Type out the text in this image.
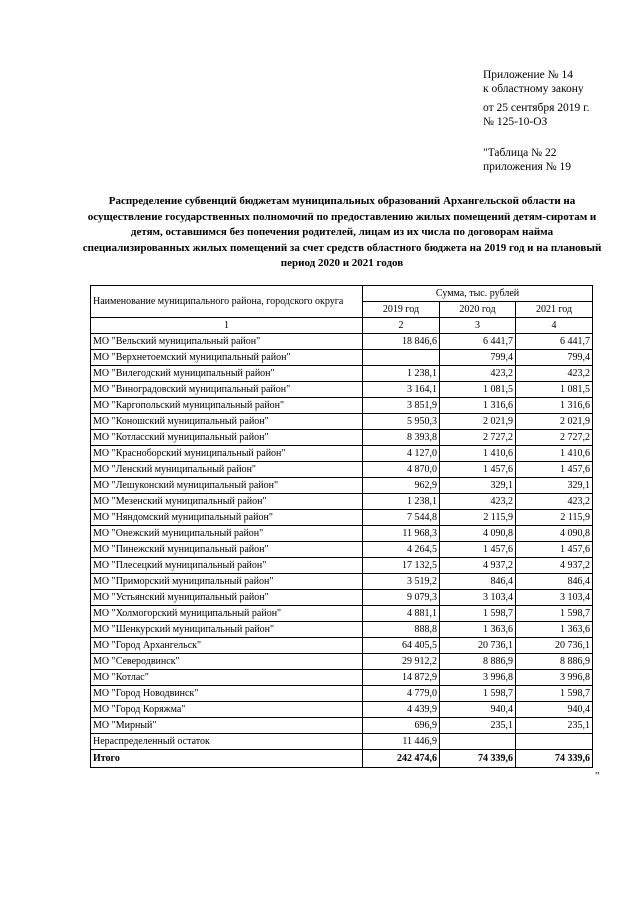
Приложение № 14
к областному закону
от 25 сентября 2019 г.
№ 125-10-ОЗ
"Таблица № 22
приложения № 19
Распределение субвенций бюджетам муниципальных образований Архангельской области на осуществление государственных полномочий по предоставлению жилых помещений детям-сиротам и детям, оставшимся без попечения родителей, лицам из их числа по договорам найма специализированных жилых помещений за счет средств областного бюджета на 2019 год и на плановый период 2020 и 2021 годов
Наименование муниципального района, городского округа	Сумма, тыс. рублей		
	2019 год	2020 год	2021 год
1	2	3	4
МО "Вельский муниципальный район"	18 846,6	6 441,7	6 441,7
МО "Верхнетоемский муниципальный район"		799,4	799,4
МО "Вилегодский муниципальный район"	1 238,1	423,2	423,2
МО "Виноградовский муниципальный район"	3 164,1	1 081,5	1 081,5
МО "Каргопольский муниципальный район"	3 851,9	1 316,6	1 316,6
МО "Коношский муниципальный район"	5 950,3	2 021,9	2 021,9
МО "Котласский муниципальный район"	8 393,8	2 727,2	2 727,2
МО "Красноборский муниципальный район"	4 127,0	1 410,6	1 410,6
МО "Ленский муниципальный район"	4 870,0	1 457,6	1 457,6
МО "Лешуконский муниципальный район"	962,9	329,1	329,1
МО "Мезенский муниципальный район"	1 238,1	423,2	423,2
МО "Няндомский муниципальный район"	7 544,8	2 115,9	2 115,9
МО "Онежский муниципальный район"	11 968,3	4 090,8	4 090,8
МО "Пинежский муниципальный район"	4 264,5	1 457,6	1 457,6
МО "Плесецкий муниципальный район"	17 132,5	4 937,2	4 937,2
МО "Приморский муниципальный район"	3 519,2	846,4	846,4
МО "Устьянский муниципальный район"	9 079,3	3 103,4	3 103,4
МО "Холмогорский муниципальный район"	4 881,1	1 598,7	1 598,7
МО "Шенкурский муниципальный район"	888,8	1 363,6	1 363,6
МО "Город Архангельск"	64 405,5	20 736,1	20 736,1
МО "Северодвинск"	29 912,2	8 886,9	8 886,9
МО "Котлас"	14 872,9	3 996,8	3 996,8
МО "Город Новодвинск"	4 779,0	1 598,7	1 598,7
МО "Город Коряжма"	4 439,9	940,4	940,4
МО "Мирный"	696,9	235,1	235,1
Нераспределенный остаток	11 446,9		
Итого	242 474,6	74 339,6	74 339,6
"
